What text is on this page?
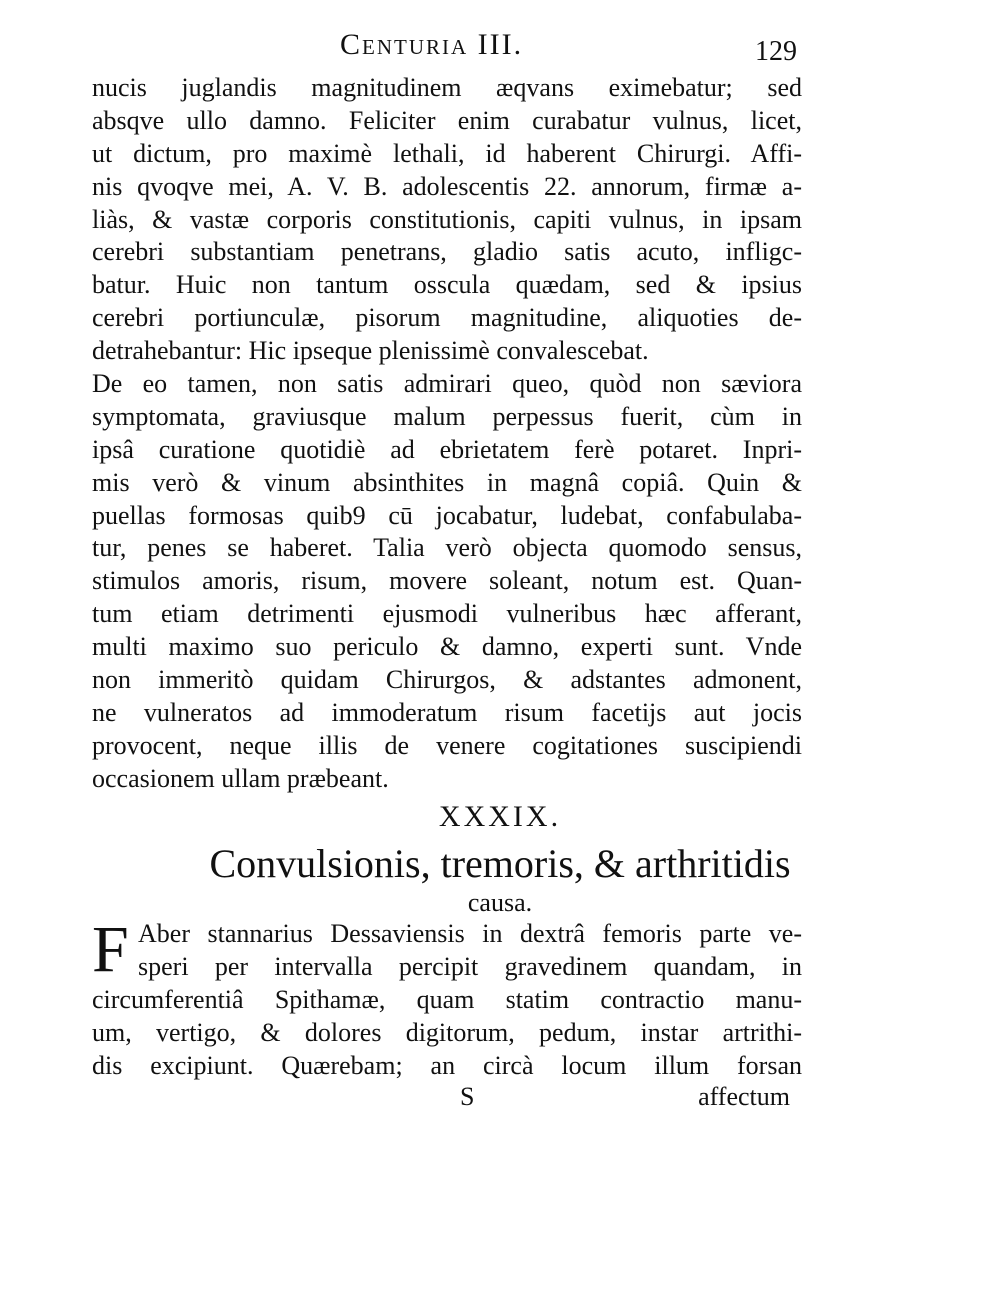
Centuria III.	129
nucis juglandis magnitudinem æqvans eximebatur; sed
absqve ullo damno. Feliciter enim curabatur vulnus, licet,
ut dictum, pro maximè lethali, id haberent Chirurgi. Affi-
nis qvoqve mei, A. V. B. adolescentis 22. annorum, firmæ a-
liàs, & vastæ corporis constitutionis, capiti vulnus, in ipsam
cerebri substantiam penetrans, gladio satis acuto, infligc-
batur. Huic non tantum osscula quædam, sed & ipsius
cerebri portiunculæ, pisorum magnitudine, aliquoties de-
detrahebantur: Hic ipseque plenissimè convalescebat.
De eo tamen, non satis admirari queo, quòd non sæviora
symptomata, graviusque malum perpessus fuerit, cùm in
ipsâ curatione quotidiè ad ebrietatem ferè potaret. Inpri-
mis verò & vinum absinthites in magnâ copiâ. Quin &
puellas formosas quib9 cū jocabatur, ludebat, confabulaba-
tur, penes se haberet. Talia verò objecta quomodo sensus,
stimulos amoris, risum, movere soleant, notum est. Quan-
tum etiam detrimenti ejusmodi vulneribus hæc afferant,
multi maximo suo periculo & damno, experti sunt. Vnde
non immeritò quidam Chirurgos, & adstantes admonent,
ne vulneratos ad immoderatum risum facetijs aut jocis
provocent, neque illis de venere cogitationes suscipiendi
occasionem ullam præbeant.
XXXIX.
Convulsionis, tremoris, & arthritidis
causa.
F Aber stannarius Dessaviensis in dextrâ femoris parte ve-
speri per intervalla percipit gravedinem quandam, in
circumferentiâ Spithamæ, quam statim contractio manu-
um, vertigo, & dolores digitorum, pedum, instar artrithi-
dis excipiunt. Quærebam; an circà locum illum forsan
S	affectum
